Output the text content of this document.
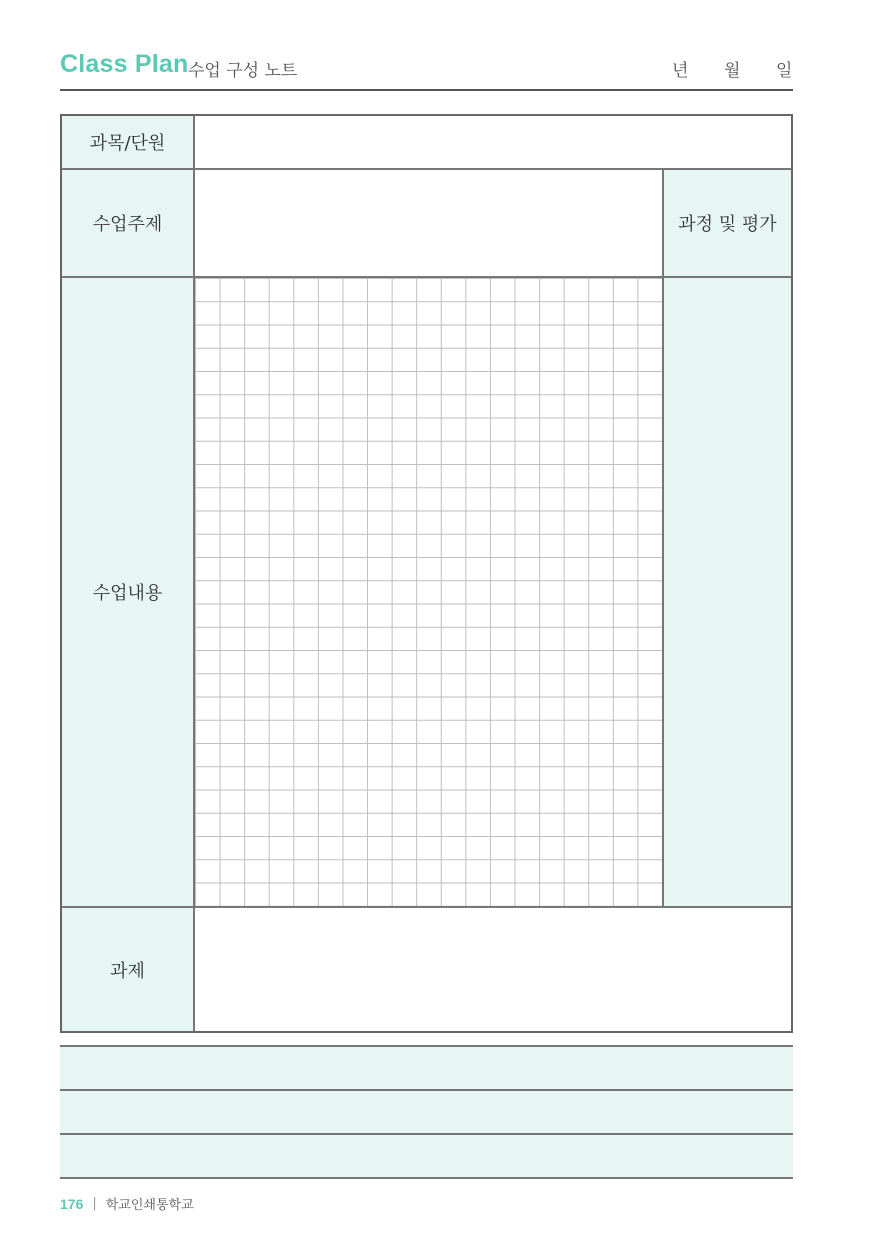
Class Plan 수업 구성 노트	년 월 일
과목/단원
수업주제	과정 및 평가
수업내용
과제
176 | 학교인쇄통학교
